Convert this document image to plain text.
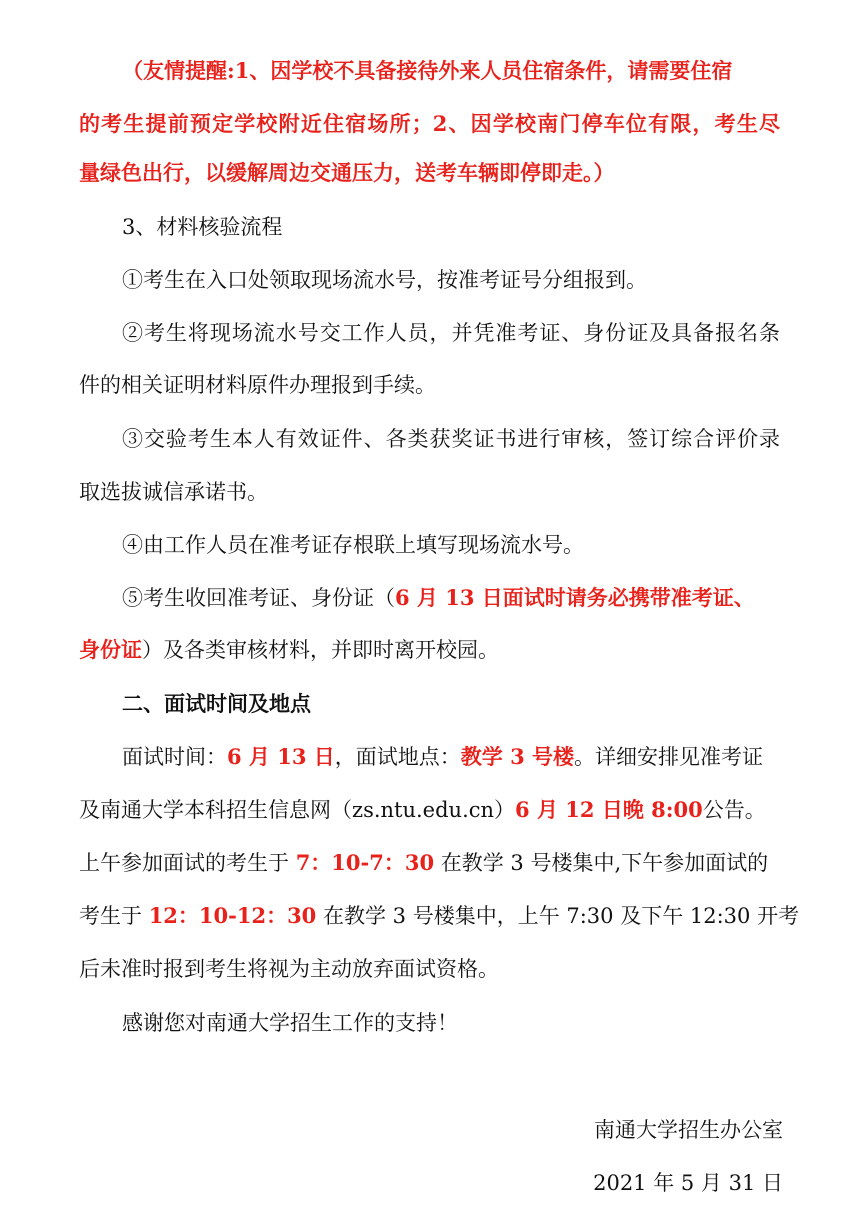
（友情提醒:1、因学校不具备接待外来人员住宿条件，请需要住宿
的考生提前预定学校附近住宿场所；2、因学校南门停车位有限，考生尽
量绿色出行，以缓解周边交通压力，送考车辆即停即走。）
3、材料核验流程
①考生在入口处领取现场流水号，按准考证号分组报到。
②考生将现场流水号交工作人员，并凭准考证、身份证及具备报名条
件的相关证明材料原件办理报到手续。
③交验考生本人有效证件、各类获奖证书进行审核，签订综合评价录
取选拔诚信承诺书。
④由工作人员在准考证存根联上填写现场流水号。
⑤考生收回准考证、身份证（6 月 13 日面试时请务必携带准考证、
身份证）及各类审核材料，并即时离开校园。
二、面试时间及地点
面试时间：6 月 13 日，面试地点：教学 3 号楼。详细安排见准考证
及南通大学本科招生信息网（zs.ntu.edu.cn）6 月 12 日晚 8:00公告。
上午参加面试的考生于 7：10-7：30 在教学 3 号楼集中,下午参加面试的
考生于 12：10-12：30 在教学 3 号楼集中，上午 7:30 及下午 12:30 开考
后未准时报到考生将视为主动放弃面试资格。
感谢您对南通大学招生工作的支持！
南通大学招生办公室
2021 年 5 月 31 日
